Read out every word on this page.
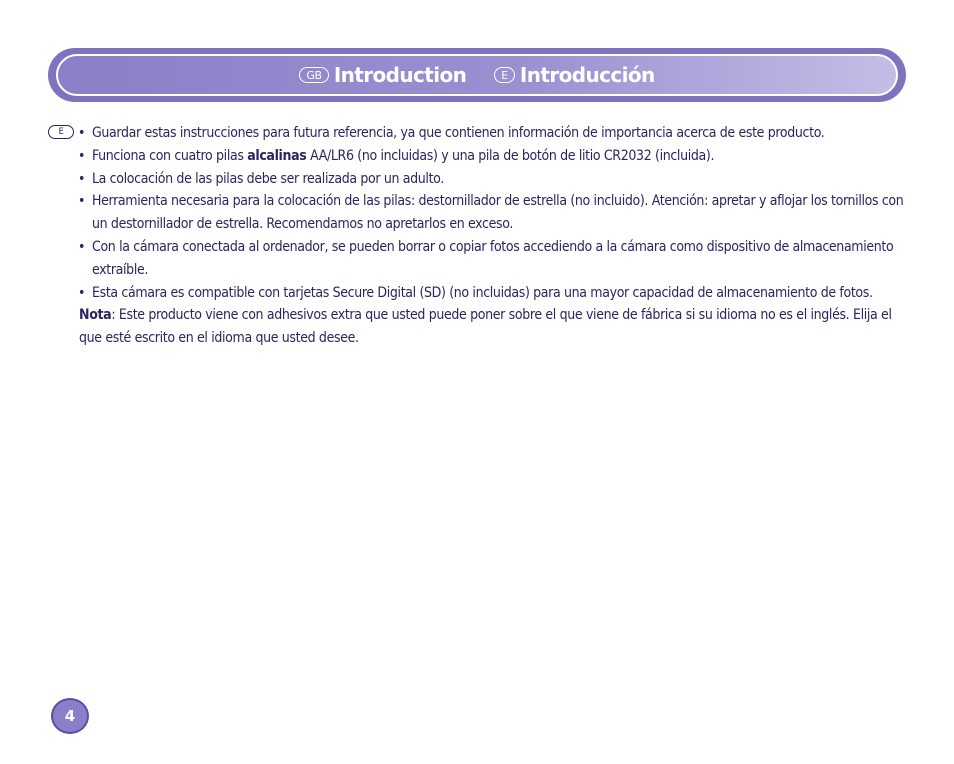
GB Introduction	E Introducción
E
•	Guardar estas instrucciones para futura referencia, ya que contienen información de importancia acerca de este producto.
• Funciona con cuatro pilas alcalinas AA/LR6 (no incluidas) y una pila de botón de litio CR2032 (incluida).
• La colocación de las pilas debe ser realizada por un adulto.
• Herramienta necesaria para la colocación de las pilas: destornillador de estrella (no incluido). Atención: apretar y aflojar los tornillos con un destornillador de estrella. Recomendamos no apretarlos en exceso.
• Con la cámara conectada al ordenador, se pueden borrar o copiar fotos accediendo a la cámara como dispositivo de almacenamiento extraíble.
• Esta cámara es compatible con tarjetas Secure Digital (SD) (no incluidas) para una mayor capacidad de almacenamiento de fotos.
Nota: Este producto viene con adhesivos extra que usted puede poner sobre el que viene de fábrica si su idioma no es el inglés. Elija el que esté escrito en el idioma que usted desee.
4
